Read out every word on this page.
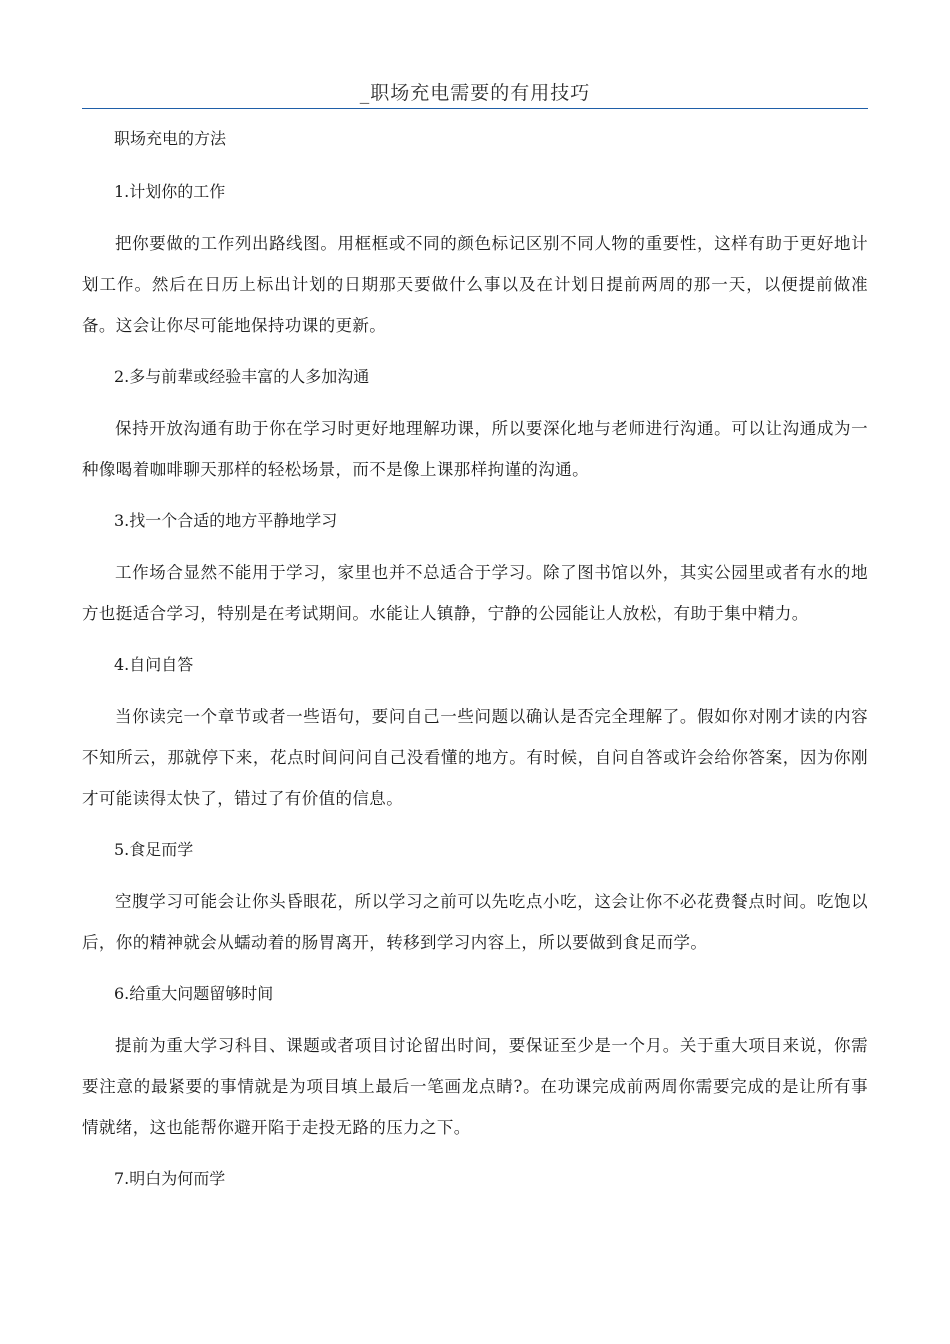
_职场充电需要的有用技巧

职场充电的方法

1.计划你的工作

把你要做的工作列出路线图。用框框或不同的颜色标记区别不同人物的重要性，这样有助于更好地计划工作。然后在日历上标出计划的日期那天要做什么事以及在计划日提前两周的那一天，以便提前做准备。这会让你尽可能地保持功课的更新。

2.多与前辈或经验丰富的人多加沟通

保持开放沟通有助于你在学习时更好地理解功课，所以要深化地与老师进行沟通。可以让沟通成为一种像喝着咖啡聊天那样的轻松场景，而不是像上课那样拘谨的沟通。

3.找一个合适的地方平静地学习

工作场合显然不能用于学习，家里也并不总适合于学习。除了图书馆以外，其实公园里或者有水的地方也挺适合学习，特别是在考试期间。水能让人镇静，宁静的公园能让人放松，有助于集中精力。

4.自问自答

当你读完一个章节或者一些语句，要问自己一些问题以确认是否完全理解了。假如你对刚才读的内容不知所云，那就停下来，花点时间问问自己没看懂的地方。有时候，自问自答或许会给你答案，因为你刚才可能读得太快了，错过了有价值的信息。

5.食足而学

空腹学习可能会让你头昏眼花，所以学习之前可以先吃点小吃，这会让你不必花费餐点时间。吃饱以后，你的精神就会从蠕动着的肠胃离开，转移到学习内容上，所以要做到食足而学。

6.给重大问题留够时间

提前为重大学习科目、课题或者项目讨论留出时间，要保证至少是一个月。关于重大项目来说，你需要注意的最紧要的事情就是为项目填上最后一笔画龙点睛?。在功课完成前两周你需要完成的是让所有事情就绪，这也能帮你避开陷于走投无路的压力之下。

7.明白为何而学
